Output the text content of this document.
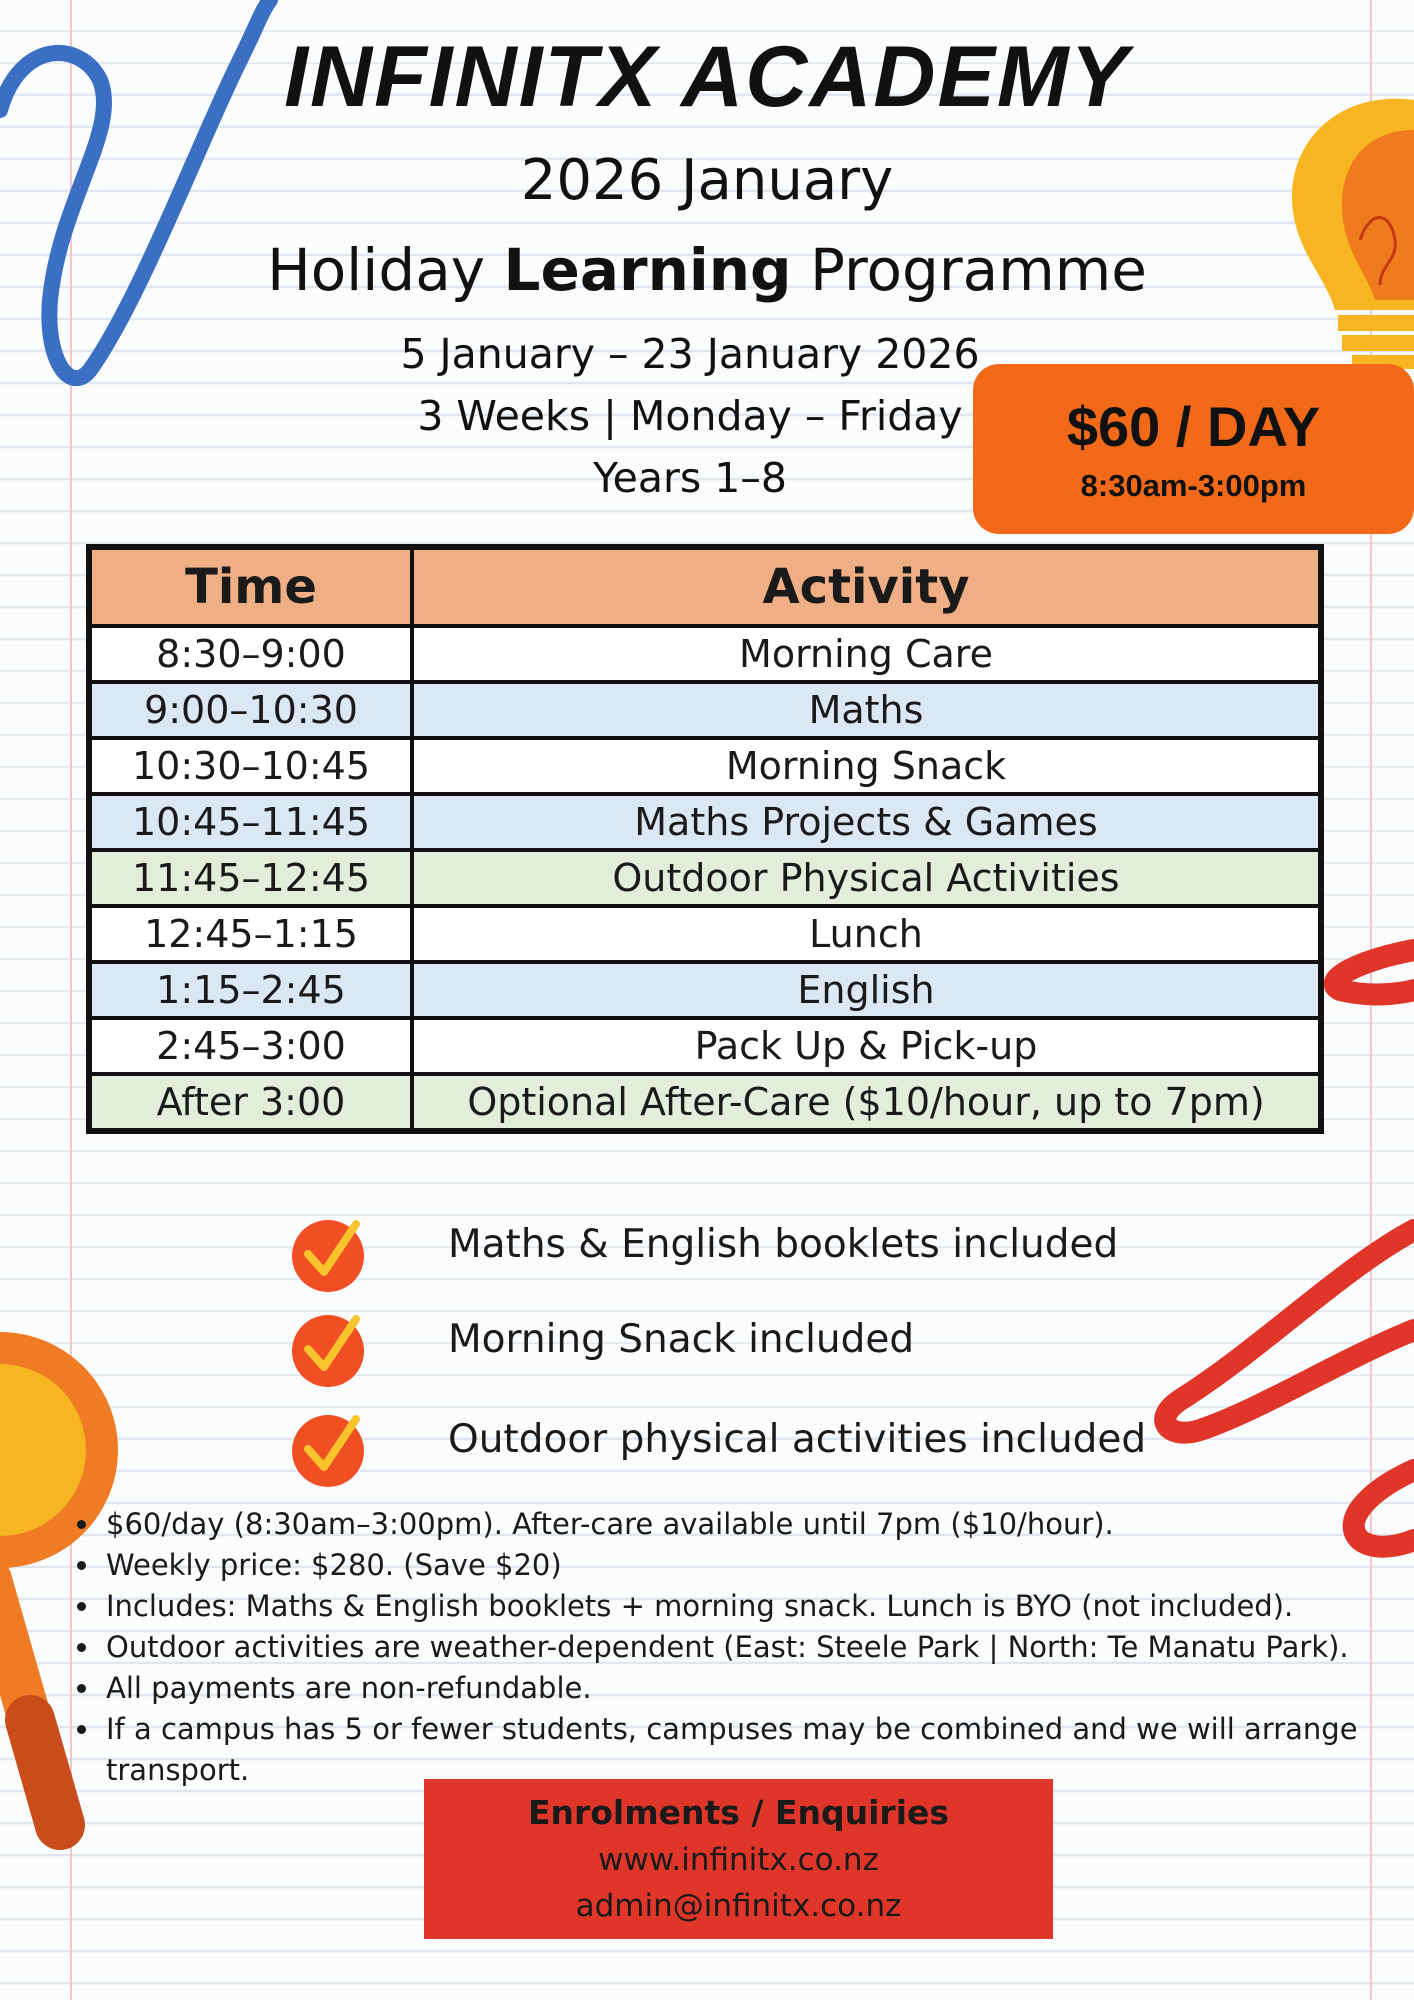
INFINITX ACADEMY
2026 January
Holiday Learning Programme
5 January – 23 January 2026
3 Weeks | Monday – Friday
Years 1–8
$60 / DAY
8:30am-3:00pm
Time	Activity
8:30–9:00	Morning Care
9:00–10:30	Maths
10:30–10:45	Morning Snack
10:45–11:45	Maths Projects & Games
11:45–12:45	Outdoor Physical Activities
12:45–1:15	Lunch
1:15–2:45	English
2:45–3:00	Pack Up & Pick-up
After 3:00	Optional After-Care ($10/hour, up to 7pm)
Maths & English booklets included
Morning Snack included
Outdoor physical activities included
• $60/day (8:30am–3:00pm). After-care available until 7pm ($10/hour).
• Weekly price: $280. (Save $20)
• Includes: Maths & English booklets + morning snack. Lunch is BYO (not included).
• Outdoor activities are weather-dependent (East: Steele Park | North: Te Manatu Park).
• All payments are non-refundable.
• If a campus has 5 or fewer students, campuses may be combined and we will arrange transport.
Enrolments / Enquiries
www.infinitx.co.nz
admin@infinitx.co.nz
